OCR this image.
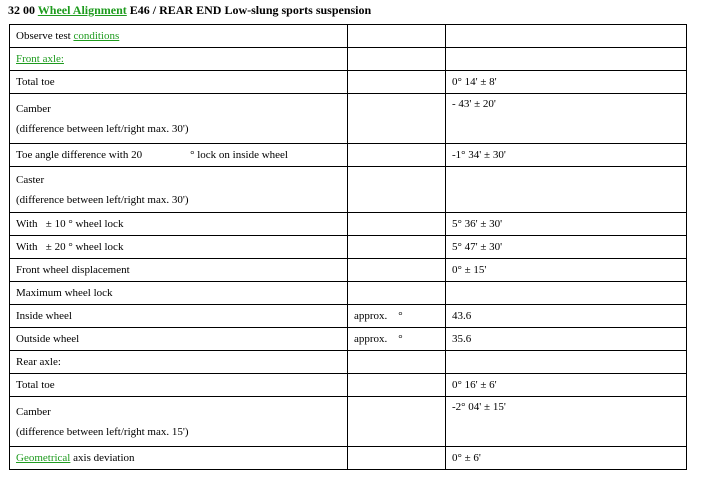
32 00 Wheel Alignment E46 / REAR END Low-slung sports suspension
Observe test conditions		
Front axle:		
Total toe		0° 14' ± 8'
Camber
(difference between left/right max. 30')		- 43' ± 20'
Toe angle difference with 20 ° lock on inside wheel		-1° 34' ± 30'
Caster
(difference between left/right max. 30')		

With   ± 10 ° wheel lock		5° 36' ± 30'
With   ± 20 ° wheel lock		5° 47' ± 30'
Front wheel displacement		0° ± 15'
Maximum wheel lock		
Inside wheel	approx.    °	43.6
Outside wheel	approx.    °	35.6
Rear axle:		
Total toe		0° 16' ± 6'
Camber
(difference between left/right max. 15')		-2° 04' ± 15'
Geometrical axis deviation		0° ± 6'
